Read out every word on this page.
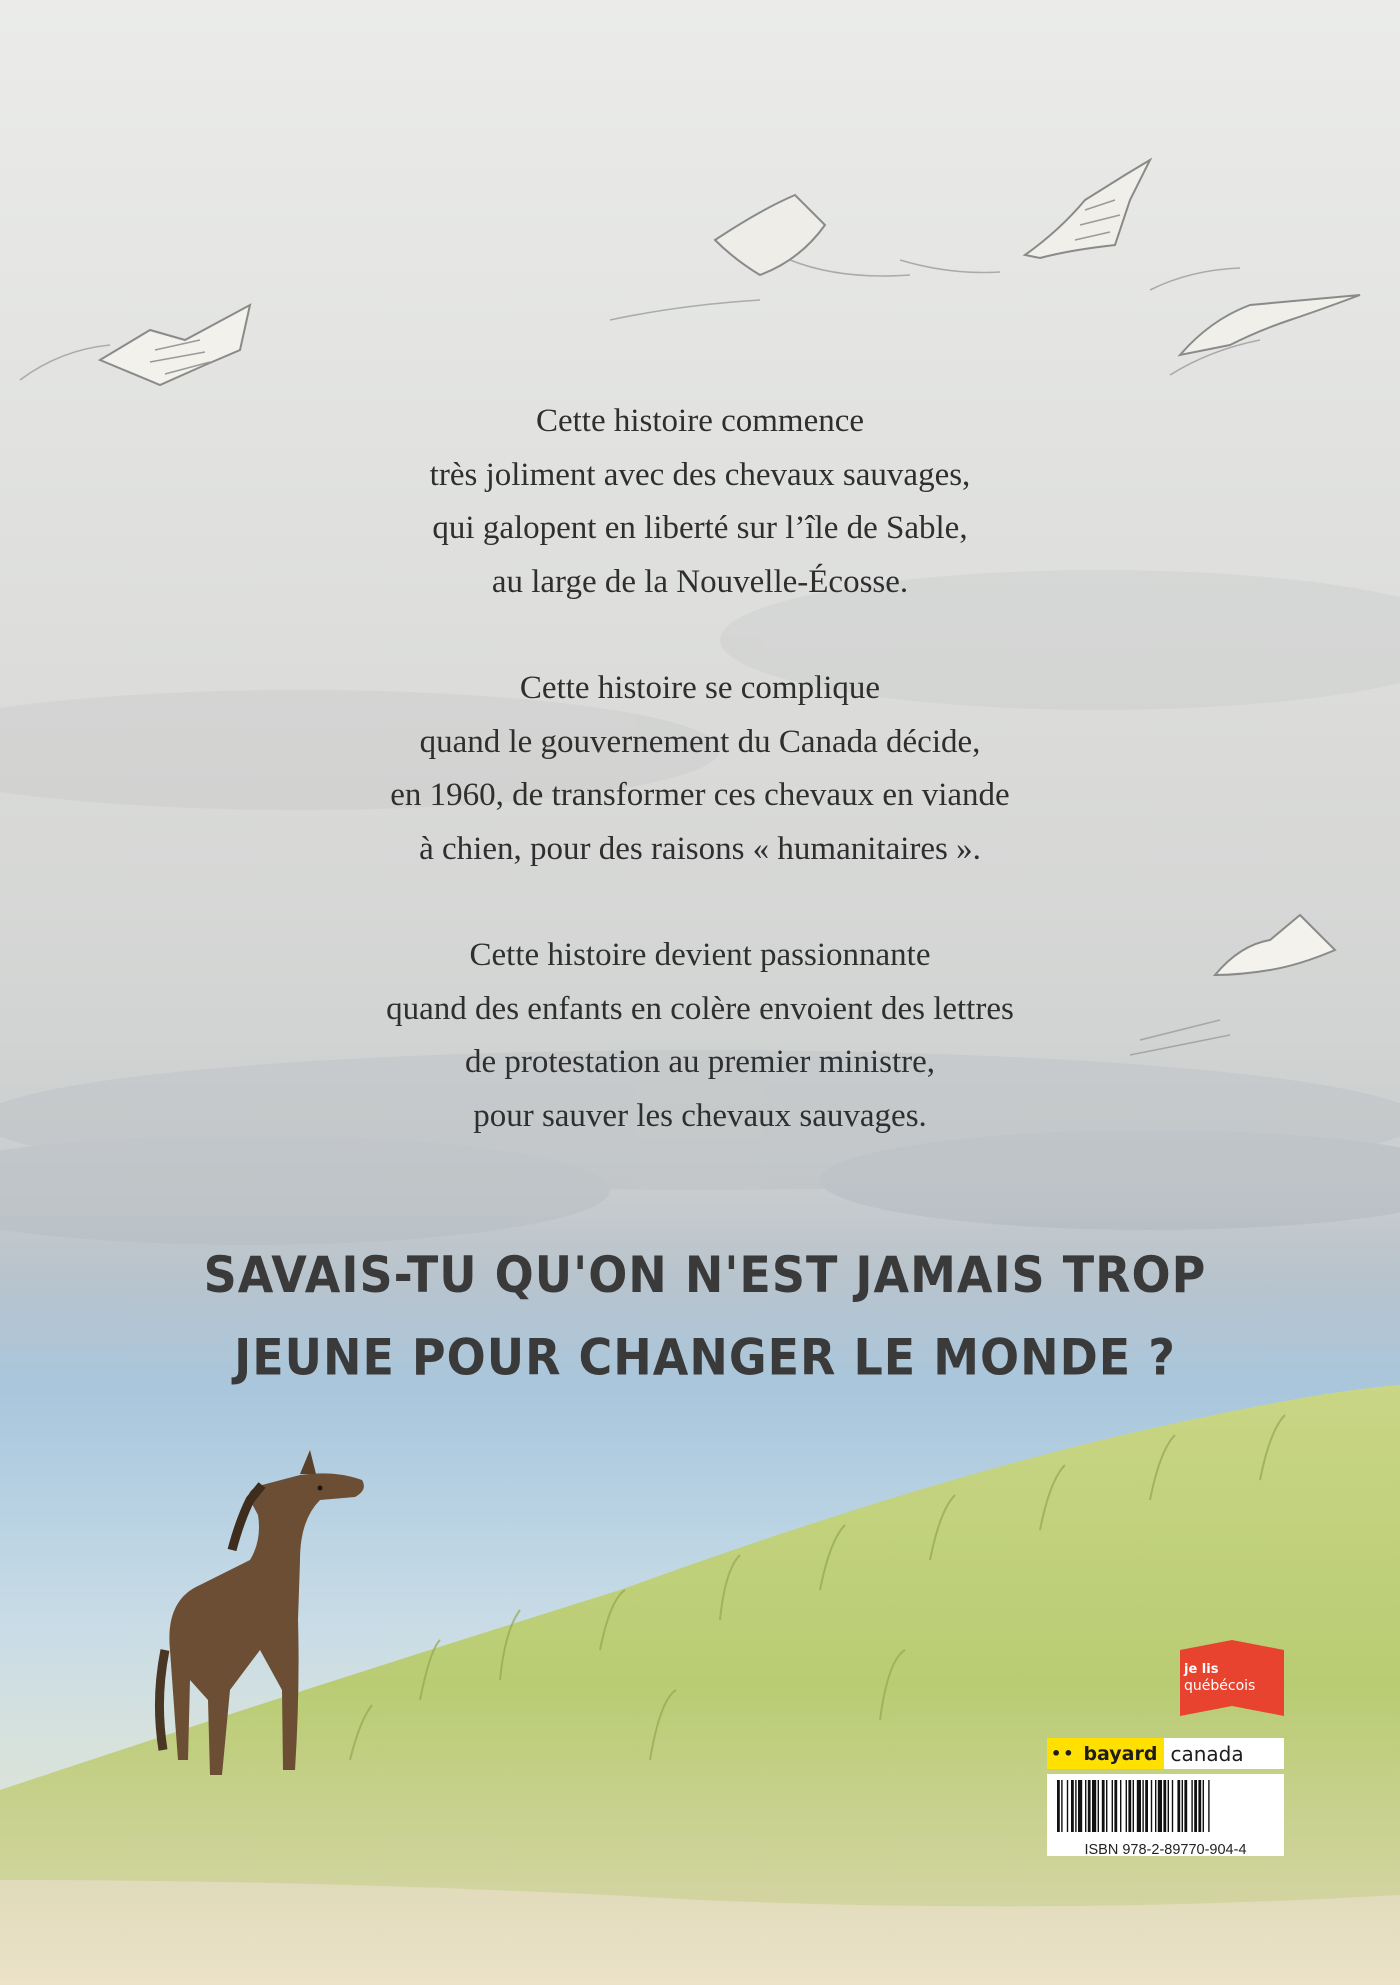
Cette histoire commence
très joliment avec des chevaux sauvages,
qui galopent en liberté sur l’île de Sable,
au large de la Nouvelle-Écosse.

Cette histoire se complique
quand le gouvernement du Canada décide,
en 1960, de transformer ces chevaux en viande
à chien, pour des raisons « humanitaires ».

Cette histoire devient passionnante
quand des enfants en colère envoient des lettres
de protestation au premier ministre,
pour sauver les chevaux sauvages.

SAVAIS-TU QU'ON N'EST JAMAIS TROP
JEUNE POUR CHANGER LE MONDE ?
je lis
québécois
•• bayard canada
ISBN 978-2-89770-904-4
